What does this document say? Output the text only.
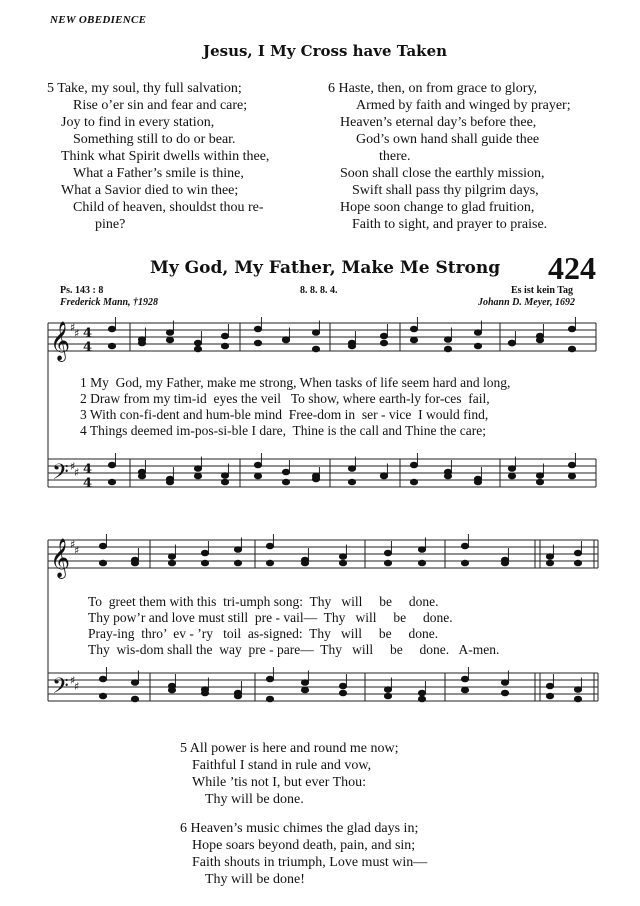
NEW OBEDIENCE
Jesus, I My Cross have Taken
5 Take, my soul, thy full salvation;
Rise o’er sin and fear and care;
Joy to find in every station,
Something still to do or bear.
Think what Spirit dwells within thee,
What a Father’s smile is thine,
What a Savior died to win thee;
Child of heaven, shouldst thou re-
pine?
6 Haste, then, on from grace to glory,
Armed by faith and winged by prayer;
Heaven’s eternal day’s before thee,
God’s own hand shall guide thee
there.
Soon shall close the earthly mission,
Swift shall pass thy pilgrim days,
Hope soon change to glad fruition,
Faith to sight, and prayer to praise.
My God, My Father, Make Me Strong 424
Ps. 143 : 8
Frederick Mann, †1928
8. 8. 8. 4.	Es ist kein Tag
Johann D. Meyer, 1692
𝄞
𝄢
4
4
4
4
♯
♯
♯
♯
𝄞
𝄢
♯
♯
♯
♯
1 My  God, my Father, make me strong, When tasks of life seem hard and long,
2 Draw from my tim-id  eyes the veil   To show, where earth-ly for-ces  fail,
3 With con-fi-dent and hum-ble mind  Free-dom in  ser - vice  I would find,
4 Things deemed im-pos-si-ble I dare,  Thine is the call and Thine the care;
To  greet them with this  tri-umph song:  Thy   will     be     done.
Thy pow’r and love must still  pre - vail—  Thy   will     be     done.
Pray-ing  thro’  ev - ’ry   toil  as-signed:  Thy   will     be     done.
Thy  wis-dom shall the  way  pre - pare—  Thy   will     be     done.   A-men.
5 All power is here and round me now;
Faithful I stand in rule and vow,
While ’tis not I, but ever Thou:
Thy will be done.
6 Heaven’s music chimes the glad days in;
Hope soars beyond death, pain, and sin;
Faith shouts in triumph, Love must win—
Thy will be done!
